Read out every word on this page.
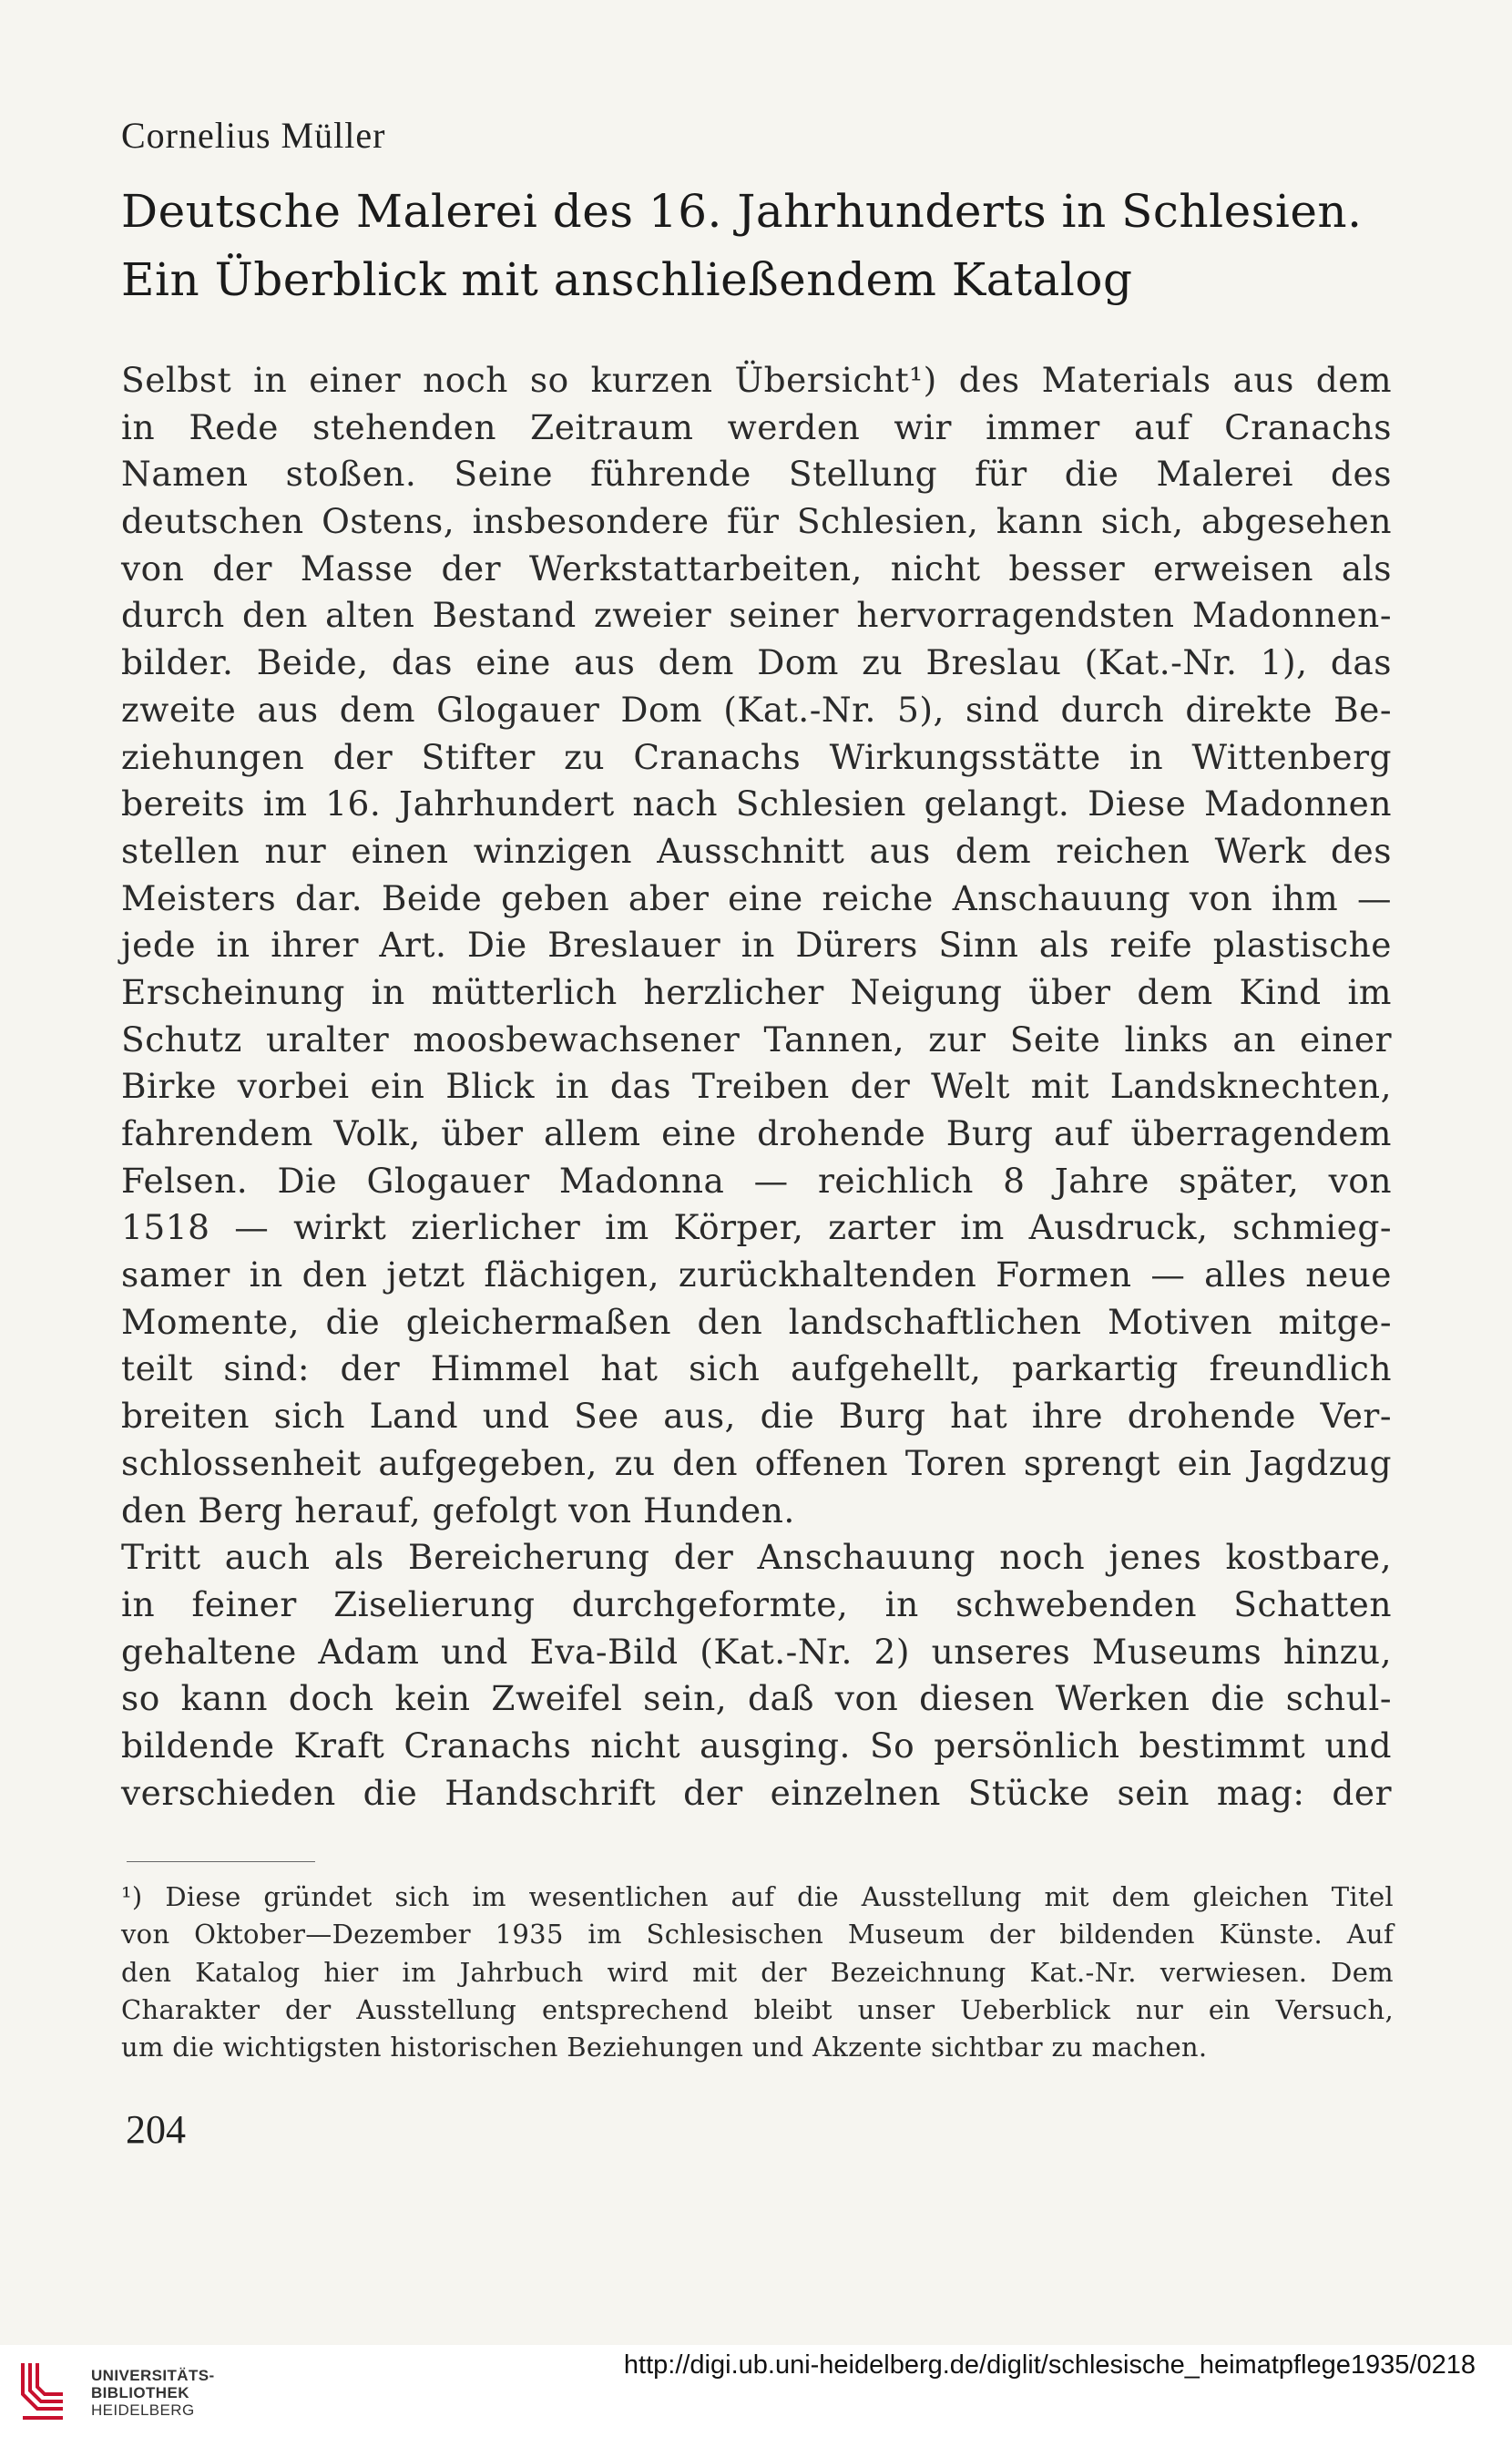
Cornelius Müller
Deutsche Malerei des 16. Jahrhunderts in Schlesien.
Ein Überblick mit anschließendem Katalog
Selbst in einer noch so kurzen Übersicht¹) des Materials aus dem
in Rede stehenden Zeitraum werden wir immer auf Cranachs
Namen stoßen. Seine führende Stellung für die Malerei des
deutschen Ostens, insbesondere für Schlesien, kann sich, abgesehen
von der Masse der Werkstattarbeiten, nicht besser erweisen als
durch den alten Bestand zweier seiner hervorragendsten Madonnen-
bilder. Beide, das eine aus dem Dom zu Breslau (Kat.-Nr. 1), das
zweite aus dem Glogauer Dom (Kat.-Nr. 5), sind durch direkte Be-
ziehungen der Stifter zu Cranachs Wirkungsstätte in Wittenberg
bereits im 16. Jahrhundert nach Schlesien gelangt. Diese Madonnen
stellen nur einen winzigen Ausschnitt aus dem reichen Werk des
Meisters dar. Beide geben aber eine reiche Anschauung von ihm —
jede in ihrer Art. Die Breslauer in Dürers Sinn als reife plastische
Erscheinung in mütterlich herzlicher Neigung über dem Kind im
Schutz uralter moosbewachsener Tannen, zur Seite links an einer
Birke vorbei ein Blick in das Treiben der Welt mit Landsknechten,
fahrendem Volk, über allem eine drohende Burg auf überragendem
Felsen. Die Glogauer Madonna — reichlich 8 Jahre später, von
1518 — wirkt zierlicher im Körper, zarter im Ausdruck, schmieg-
samer in den jetzt flächigen, zurückhaltenden Formen — alles neue
Momente, die gleichermaßen den landschaftlichen Motiven mitge-
teilt sind: der Himmel hat sich aufgehellt, parkartig freundlich
breiten sich Land und See aus, die Burg hat ihre drohende Ver-
schlossenheit aufgegeben, zu den offenen Toren sprengt ein Jagdzug
den Berg herauf, gefolgt von Hunden.
Tritt auch als Bereicherung der Anschauung noch jenes kostbare,
in feiner Ziselierung durchgeformte, in schwebenden Schatten
gehaltene Adam und Eva-Bild (Kat.-Nr. 2) unseres Museums hinzu,
so kann doch kein Zweifel sein, daß von diesen Werken die schul-
bildende Kraft Cranachs nicht ausging. So persönlich bestimmt und
verschieden die Handschrift der einzelnen Stücke sein mag: der
¹) Diese gründet sich im wesentlichen auf die Ausstellung mit dem gleichen Titel
von Oktober—Dezember 1935 im Schlesischen Museum der bildenden Künste. Auf
den Katalog hier im Jahrbuch wird mit der Bezeichnung Kat.-Nr. verwiesen. Dem
Charakter der Ausstellung entsprechend bleibt unser Ueberblick nur ein Versuch,
um die wichtigsten historischen Beziehungen und Akzente sichtbar zu machen.

204

UNIVERSITÄTS-
BIBLIOTHEK
HEIDELBERG
http://digi.ub.uni-heidelberg.de/diglit/schlesische_heimatpflege1935/0218
